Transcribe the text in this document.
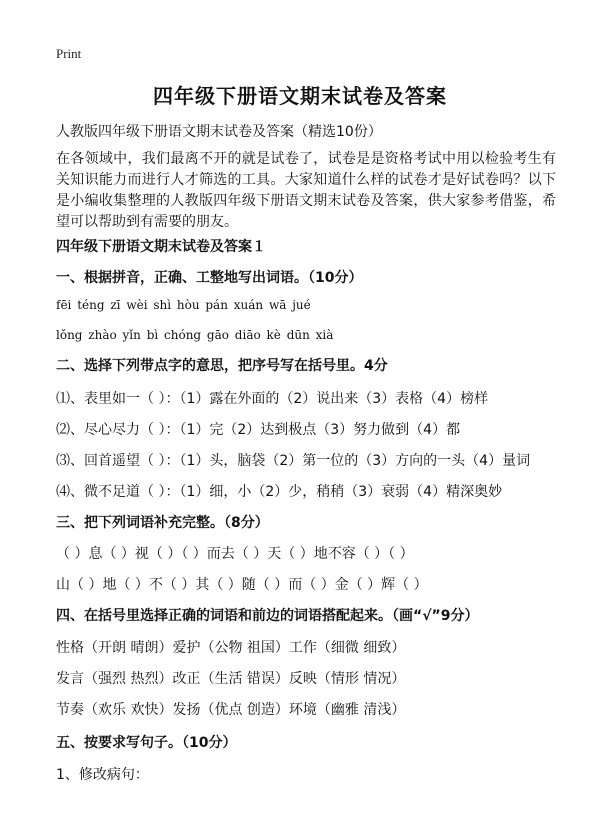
Print
四年级下册语文期末试卷及答案
人教版四年级下册语文期末试卷及答案（精选10份）
在各领域中，我们最离不开的就是试卷了，试卷是是资格考试中用以检验考生有关知识能力而进行人才筛选的工具。大家知道什么样的试卷才是好试卷吗？以下是小编收集整理的人教版四年级下册语文期末试卷及答案，供大家参考借鉴，希望可以帮助到有需要的朋友。
四年级下册语文期末试卷及答案１
一、根据拼音，正确、工整地写出词语。（10分）
fēi téng zī wèi shì hòu pán xuán wā jué
lǒng zhào yǐn bì chóng gāo diāo kè dūn xià
二、选择下列带点字的意思，把序号写在括号里。4分
⑴、表里如一（ ）：（1）露在外面的（2）说出来（3）表格（4）榜样
⑵、尽心尽力（ ）：（1）完（2）达到极点（3）努力做到（4）都
⑶、回首遥望（ ）：（1）头，脑袋（2）第一位的（3）方向的一头（4）量词
⑷、微不足道（ ）：（1）细，小（2）少，稍稍（3）衰弱（4）精深奥妙
三、把下列词语补充完整。（8分）
（ ）息（ ）视（ ）（ ）而去（ ）天（ ）地不容（ ）（ ）
山（ ）地（ ）不（ ）其（ ）随（ ）而（ ）金（ ）辉（ ）
四、在括号里选择正确的词语和前边的词语搭配起来。（画“√”9分）
性格（开朗 晴朗）爱护（公物 祖国）工作（细微 细致）
发言（强烈 热烈）改正（生活 错误）反映（情形 情况）
节奏（欢乐 欢快）发扬（优点 创造）环境（幽雅 清浅）
五、按要求写句子。（10分）
1、修改病句：
